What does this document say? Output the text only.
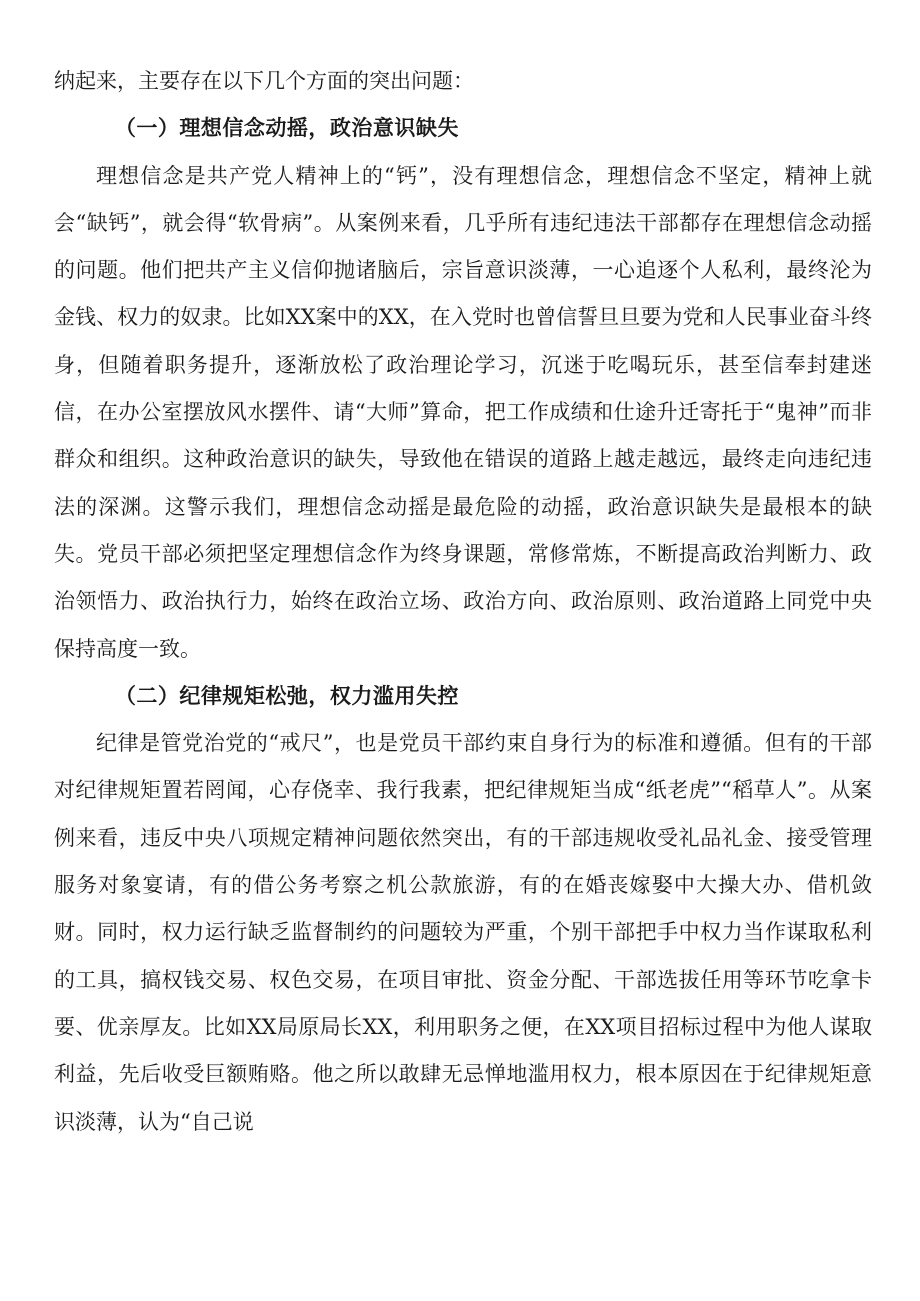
纳起来，主要存在以下几个方面的突出问题：

（一）理想信念动摇，政治意识缺失

理想信念是共产党人精神上的“钙”，没有理想信念，理想信念不坚定，精神上就会“缺钙”，就会得“软骨病”。从案例来看，几乎所有违纪违法干部都存在理想信念动摇的问题。他们把共产主义信仰抛诸脑后，宗旨意识淡薄，一心追逐个人私利，最终沦为金钱、权力的奴隶。比如XX案中的XX，在入党时也曾信誓旦旦要为党和人民事业奋斗终身，但随着职务提升，逐渐放松了政治理论学习，沉迷于吃喝玩乐，甚至信奉封建迷信，在办公室摆放风水摆件、请“大师”算命，把工作成绩和仕途升迁寄托于“鬼神”而非群众和组织。这种政治意识的缺失，导致他在错误的道路上越走越远，最终走向违纪违法的深渊。这警示我们，理想信念动摇是最危险的动摇，政治意识缺失是最根本的缺失。党员干部必须把坚定理想信念作为终身课题，常修常炼，不断提高政治判断力、政治领悟力、政治执行力，始终在政治立场、政治方向、政治原则、政治道路上同党中央保持高度一致。

（二）纪律规矩松弛，权力滥用失控

纪律是管党治党的“戒尺”，也是党员干部约束自身行为的标准和遵循。但有的干部对纪律规矩置若罔闻，心存侥幸、我行我素，把纪律规矩当成“纸老虎”“稻草人”。从案例来看，违反中央八项规定精神问题依然突出，有的干部违规收受礼品礼金、接受管理服务对象宴请，有的借公务考察之机公款旅游，有的在婚丧嫁娶中大操大办、借机敛财。同时，权力运行缺乏监督制约的问题较为严重，个别干部把手中权力当作谋取私利的工具，搞权钱交易、权色交易，在项目审批、资金分配、干部选拔任用等环节吃拿卡要、优亲厚友。比如XX局原局长XX，利用职务之便，在XX项目招标过程中为他人谋取利益，先后收受巨额贿赂。他之所以敢肆无忌惮地滥用权力，根本原因在于纪律规矩意识淡薄，认为“自己说
